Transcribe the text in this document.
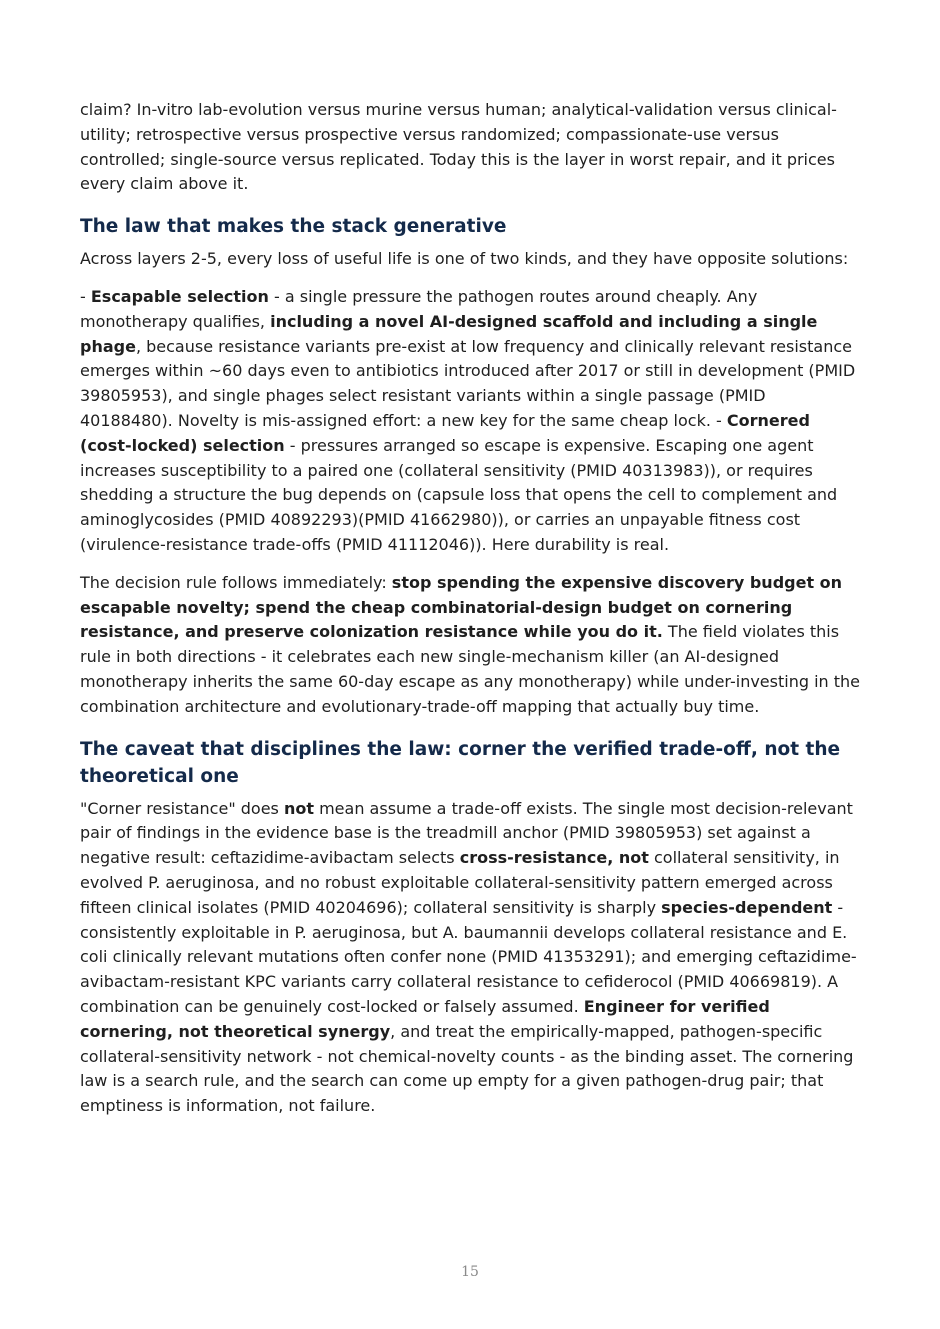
claim? In-vitro lab-evolution versus murine versus human; analytical-validation versus clinical-utility; retrospective versus prospective versus randomized; compassionate-use versus controlled; single-source versus replicated. Today this is the layer in worst repair, and it prices every claim above it.

The law that makes the stack generative

Across layers 2-5, every loss of useful life is one of two kinds, and they have opposite solutions:

- Escapable selection - a single pressure the pathogen routes around cheaply. Any monotherapy qualifies, including a novel AI-designed scaffold and including a single phage, because resistance variants pre-exist at low frequency and clinically relevant resistance emerges within ~60 days even to antibiotics introduced after 2017 or still in development (PMID 39805953), and single phages select resistant variants within a single passage (PMID 40188480). Novelty is mis-assigned effort: a new key for the same cheap lock. - Cornered (cost-locked) selection - pressures arranged so escape is expensive. Escaping one agent increases susceptibility to a paired one (collateral sensitivity (PMID 40313983)), or requires shedding a structure the bug depends on (capsule loss that opens the cell to complement and aminoglycosides (PMID 40892293)(PMID 41662980)), or carries an unpayable fitness cost (virulence-resistance trade-offs (PMID 41112046)). Here durability is real.

The decision rule follows immediately: stop spending the expensive discovery budget on escapable novelty; spend the cheap combinatorial-design budget on cornering resistance, and preserve colonization resistance while you do it. The field violates this rule in both directions - it celebrates each new single-mechanism killer (an AI-designed monotherapy inherits the same 60-day escape as any monotherapy) while under-investing in the combination architecture and evolutionary-trade-off mapping that actually buy time.

The caveat that disciplines the law: corner the verified trade-off, not the theoretical one

"Corner resistance" does not mean assume a trade-off exists. The single most decision-relevant pair of findings in the evidence base is the treadmill anchor (PMID 39805953) set against a negative result: ceftazidime-avibactam selects cross-resistance, not collateral sensitivity, in evolved P. aeruginosa, and no robust exploitable collateral-sensitivity pattern emerged across fifteen clinical isolates (PMID 40204696); collateral sensitivity is sharply species-dependent - consistently exploitable in P. aeruginosa, but A. baumannii develops collateral resistance and E. coli clinically relevant mutations often confer none (PMID 41353291); and emerging ceftazidime-avibactam-resistant KPC variants carry collateral resistance to cefiderocol (PMID 40669819). A combination can be genuinely cost-locked or falsely assumed. Engineer for verified cornering, not theoretical synergy, and treat the empirically-mapped, pathogen-specific collateral-sensitivity network - not chemical-novelty counts - as the binding asset. The cornering law is a search rule, and the search can come up empty for a given pathogen-drug pair; that emptiness is information, not failure.

15
